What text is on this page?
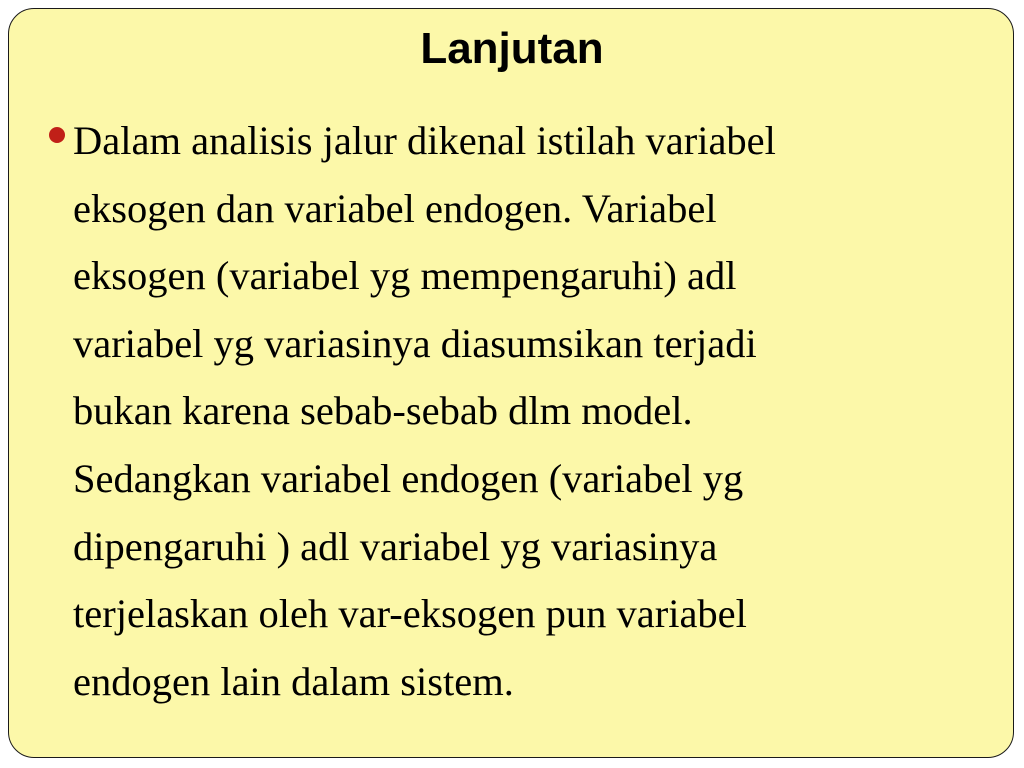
Lanjutan
Dalam analisis jalur dikenal istilah variabel
eksogen dan variabel endogen. Variabel
eksogen (variabel yg mempengaruhi) adl
variabel yg variasinya diasumsikan terjadi
bukan karena sebab-sebab dlm model.
Sedangkan variabel endogen (variabel yg
dipengaruhi ) adl variabel yg variasinya
terjelaskan oleh var-eksogen pun variabel
endogen lain dalam sistem.
